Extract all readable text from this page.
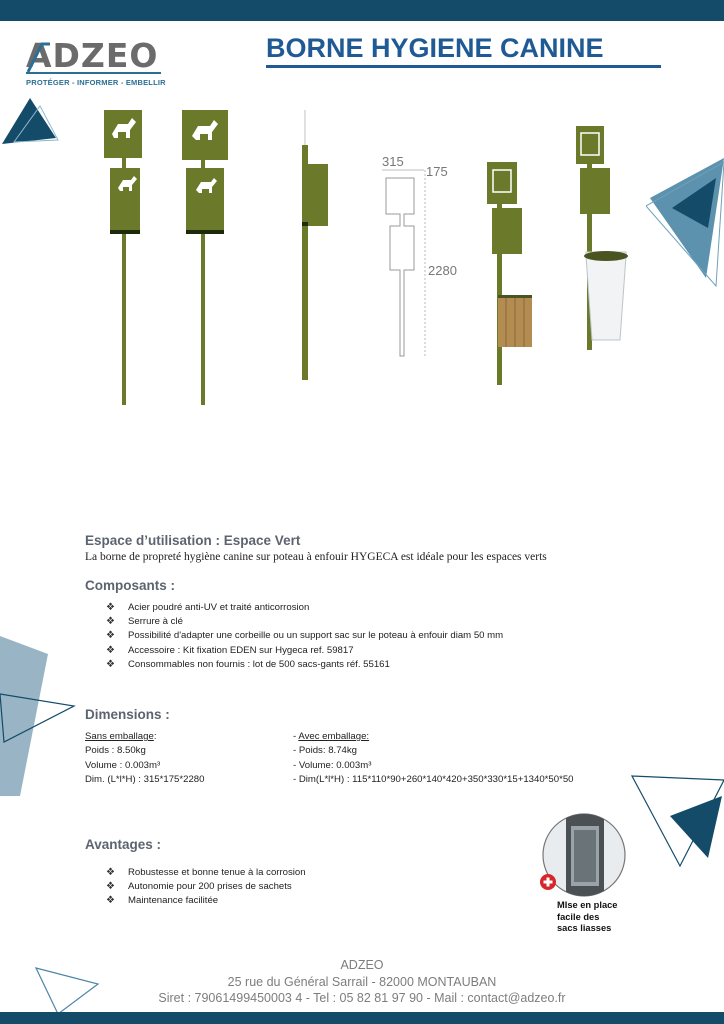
ADZEO
PROTÉGER - INFORMER - EMBELLIR
BORNE HYGIENE CANINE
315
175
2280
Espace d’utilisation : Espace Vert
La borne de propreté hygiène canine sur poteau à enfouir HYGECA est idéale pour les espaces verts
Composants :
❖ Acier poudré anti-UV et traité anticorrosion
❖ Serrure à clé
❖ Possibilité d'adapter une corbeille ou un support sac sur le poteau à enfouir diam 50 mm
❖ Accessoire : Kit fixation EDEN sur Hygeca ref. 59817
❖ Consommables non fournis : lot de 500 sacs-gants réf. 55161
Dimensions :
Sans emballage:
Poids : 8.50kg
Volume : 0.003m³
Dim. (L*l*H) : 315*175*2280
- Avec emballage:
- Poids: 8.74kg
- Volume: 0.003m³
- Dim(L*l*H) : 115*110*90+260*140*420+350*330*15+1340*50*50
Avantages :
❖ Robustesse et bonne tenue à la corrosion
❖ Autonomie pour 200 prises de sachets
❖ Maintenance facilitée	MIse en place
facile des
sacs liasses
ADZEO
25 rue du Général Sarrail - 82000 MONTAUBAN
Siret : 79061499450003 4 - Tel : 05 82 81 97 90 - Mail : contact@adzeo.fr
